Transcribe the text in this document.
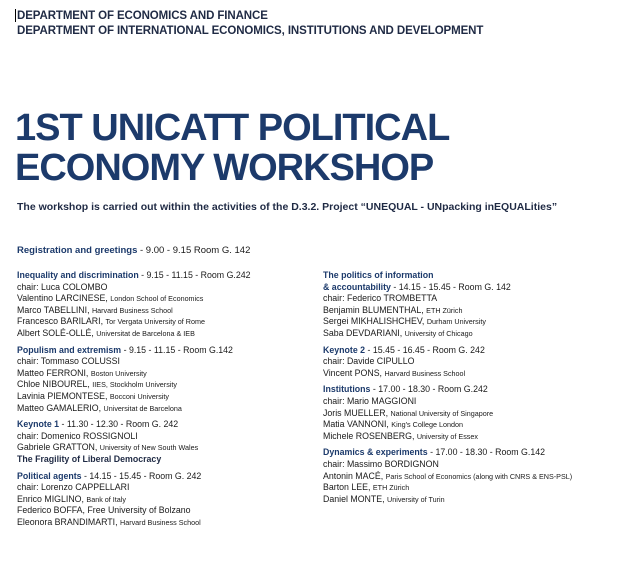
DEPARTMENT OF ECONOMICS AND FINANCE
DEPARTMENT OF INTERNATIONAL ECONOMICS, INSTITUTIONS AND DEVELOPMENT
1ST UNICATT POLITICAL
ECONOMY WORKSHOP
The workshop is carried out within the activities of the D.3.2. Project “UNEQUAL - UNpacking inEQUALities”
Registration and greetings - 9.00 - 9.15 Room G. 142
Inequality and discrimination - 9.15 - 11.15 - Room G.242
chair: Luca COLOMBO
Valentino LARCINESE, London School of Economics
Marco TABELLINI, Harvard Business School
Francesco BARILARI, Tor Vergata University of Rome
Albert SOLÉ-OLLÉ, Universitat de Barcelona & IEB
Populism and extremism - 9.15 - 11.15 - Room G.142
chair: Tommaso COLUSSI
Matteo FERRONI, Boston University
Chloe NIBOUREL, IIES, Stockholm University
Lavinia PIEMONTESE, Bocconi University
Matteo GAMALERIO, Universitat de Barcelona
Keynote 1 - 11.30 - 12.30 - Room G. 242
chair: Domenico ROSSIGNOLI
Gabriele GRATTON, University of New South Wales
The Fragility of Liberal Democracy
Political agents - 14.15 - 15.45 - Room G. 242
chair: Lorenzo CAPPELLARI
Enrico MIGLINO, Bank of Italy
Federico BOFFA, Free University of Bolzano
Eleonora BRANDIMARTI, Harvard Business School
The politics of information
& accountability - 14.15 - 15.45 - Room G. 142
chair: Federico TROMBETTA
Benjamin BLUMENTHAL, ETH Zürich
Sergei MIKHALISHCHEV, Durham University
Saba DEVDARIANI, University of Chicago
Keynote 2 - 15.45 - 16.45 - Room G. 242
chair: Davide CIPULLO
Vincent PONS, Harvard Business School
Institutions - 17.00 - 18.30 - Room G.242
chair: Mario MAGGIONI
Joris MUELLER, National University of Singapore
Matia VANNONI, King's College London
Michele ROSENBERG, University of Essex
Dynamics & experiments - 17.00 - 18.30 - Room G.142
chair: Massimo BORDIGNON
Antonin MACÉ, Paris School of Economics (along with CNRS & ENS-PSL)
Barton LEE, ETH Zürich
Daniel MONTE, University of Turin
